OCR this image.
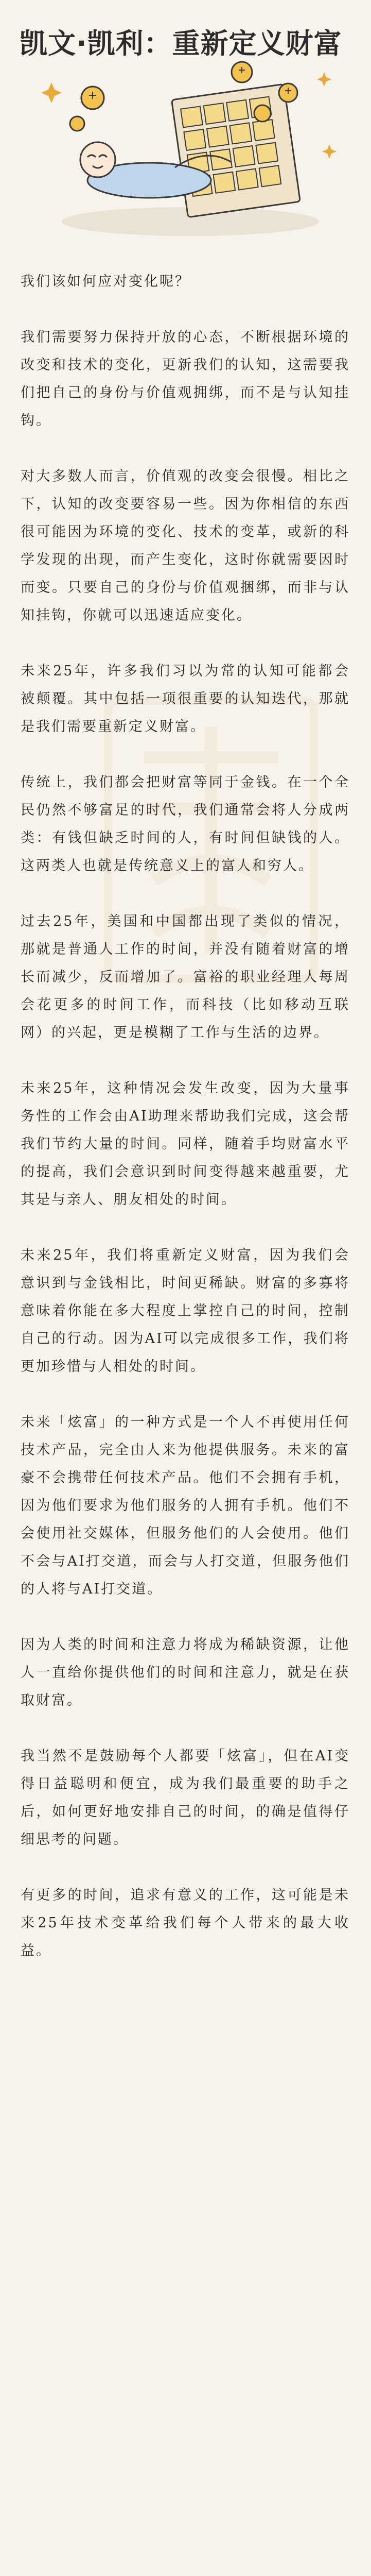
凯文·凯利：重新定义财富

我们该如何应对变化呢？

我们需要努力保持开放的心态，不断根据环境的改变和技术的变化，更新我们的认知，这需要我们把自己的身份与价值观拥绑，而不是与认知挂钩。

对大多数人而言，价值观的改变会很慢。相比之下，认知的改变要容易一些。因为你相信的东西很可能因为环境的变化、技术的变革，或新的科学发现的出现，而产生变化，这时你就需要因时而变。只要自己的身份与价值观捆绑，而非与认知挂钩，你就可以迅速适应变化。

未来25年，许多我们习以为常的认知可能都会被颠覆。其中包括一项很重要的认知迭代，那就是我们需要重新定义财富。

传统上，我们都会把财富等同于金钱。在一个全民仍然不够富足的时代，我们通常会将人分成两类：有钱但缺乏时间的人，有时间但缺钱的人。这两类人也就是传统意义上的富人和穷人。

过去25年，美国和中国都出现了类似的情况，那就是普通人工作的时间，并没有随着财富的增长而减少，反而增加了。富裕的职业经理人每周会花更多的时间工作，而科技（比如移动互联网）的兴起，更是模糊了工作与生活的边界。

未来25年，这种情况会发生改变，因为大量事务性的工作会由AI助理来帮助我们完成，这会帮我们节约大量的时间。同样，随着手均财富水平的提高，我们会意识到时间变得越来越重要，尤其是与亲人、朋友相处的时间。

未来25年，我们将重新定义财富，因为我们会意识到与金钱相比，时间更稀缺。财富的多寡将意味着你能在多大程度上掌控自己的时间，控制自己的行动。因为AI可以完成很多工作，我们将更加珍惜与人相处的时间。

未来「炫富」的一种方式是一个人不再使用任何技术产品，完全由人来为他提供服务。未来的富豪不会携带任何技术产品。他们不会拥有手机，因为他们要求为他们服务的人拥有手机。他们不会使用社交媒体，但服务他们的人会使用。他们不会与AI打交道，而会与人打交道，但服务他们的人将与AI打交道。

因为人类的时间和注意力将成为稀缺资源，让他人一直给你提供他们的时间和注意力，就是在获取财富。

我当然不是鼓励每个人都要「炫富」，但在AI变得日益聪明和便宜，成为我们最重要的助手之后，如何更好地安排自己的时间，的确是值得仔细思考的问题。

有更多的时间，追求有意义的工作，这可能是未来25年技术变革给我们每个人带来的最大收益。
